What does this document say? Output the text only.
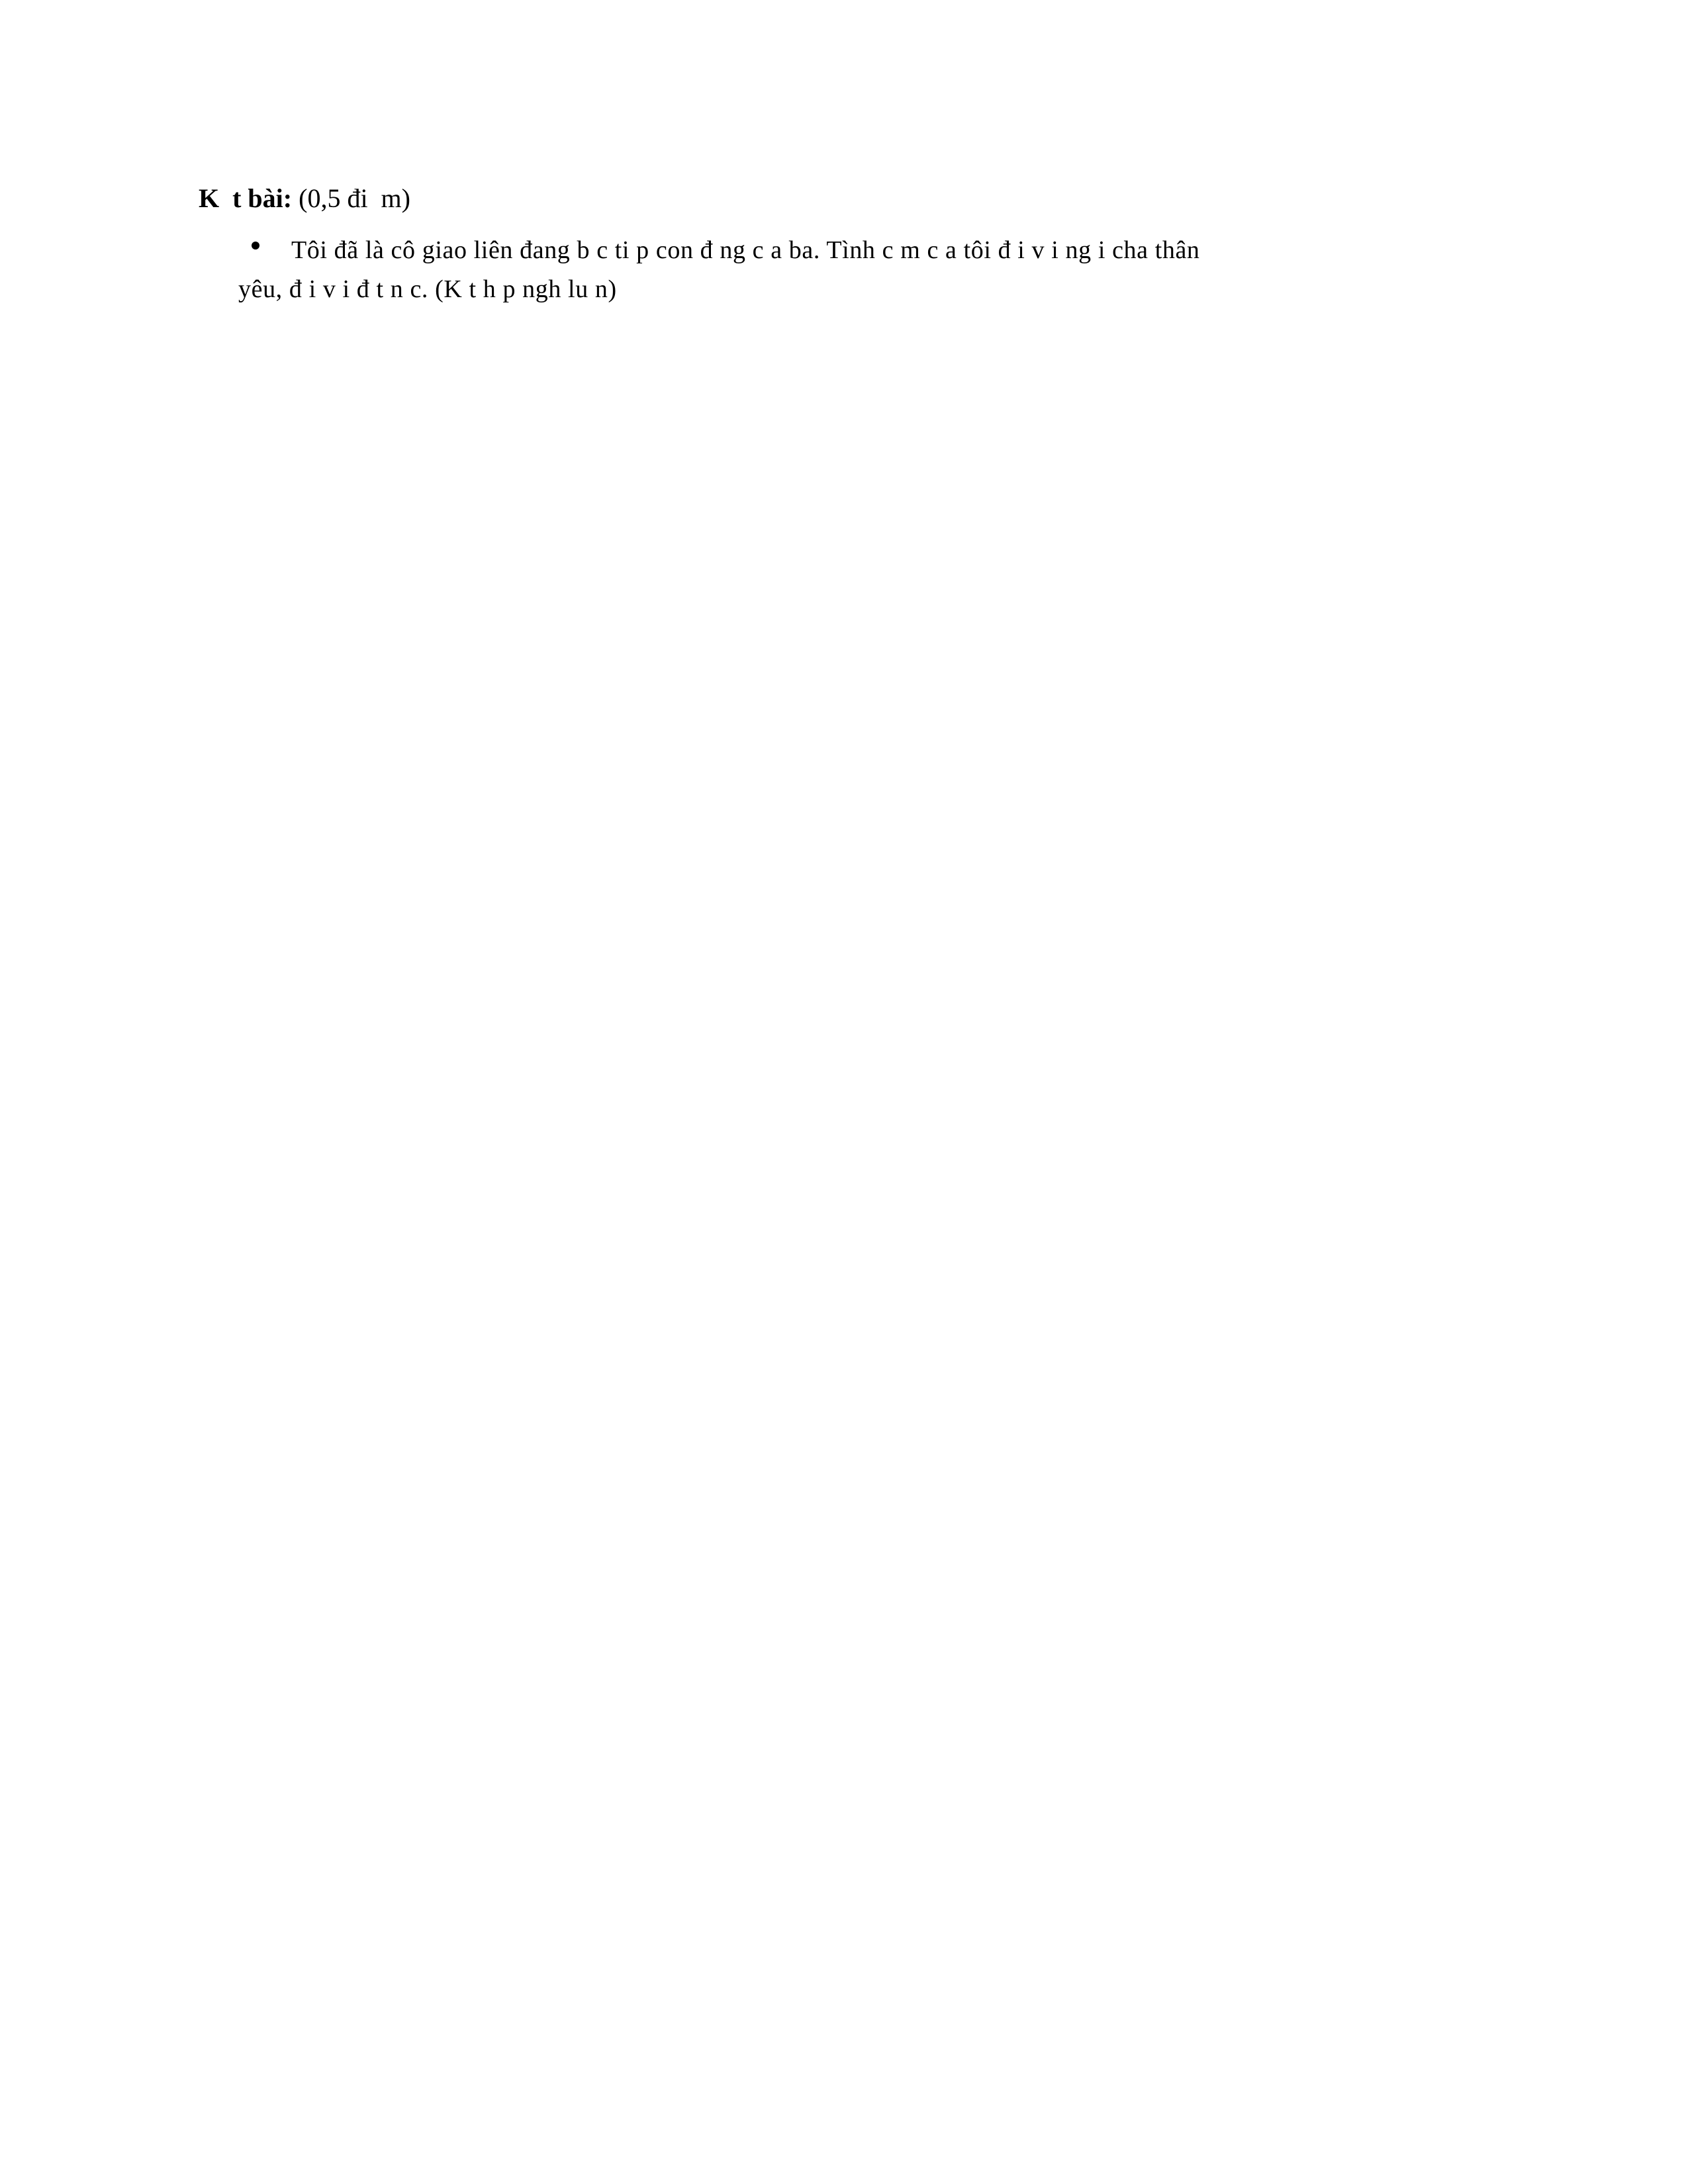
K  t bài: (0,5 đi  m)

Tôi đã là cô giao liên đang b c ti p con đ ng c a ba. Tình c m c a tôi đ i v i ng i cha thân
yêu, đ i v i đ t n c. (K t h p ngh lu n)
